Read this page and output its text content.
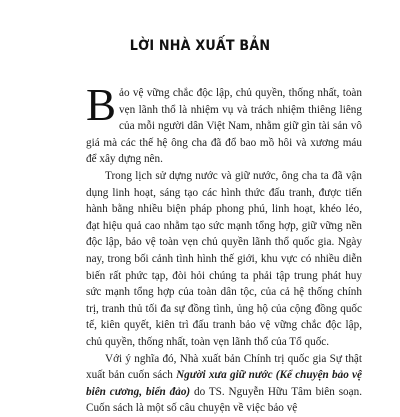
LỜI NHÀ XUẤT BẢN

Bảo vệ vững chắc độc lập, chủ quyền, thống nhất, toàn vẹn lãnh thổ là nhiệm vụ và trách nhiệm thiêng liêng của mỗi người dân Việt Nam, nhằm giữ gìn tài sản vô giá mà các thế hệ ông cha đã đổ bao mồ hôi và xương máu để xây dựng nên.

Trong lịch sử dựng nước và giữ nước, ông cha ta đã vận dụng linh hoạt, sáng tạo các hình thức đấu tranh, được tiến hành bằng nhiều biện pháp phong phú, linh hoạt, khéo léo, đạt hiệu quả cao nhằm tạo sức mạnh tổng hợp, giữ vững nền độc lập, bảo vệ toàn vẹn chủ quyền lãnh thổ quốc gia. Ngày nay, trong bối cảnh tình hình thế giới, khu vực có nhiều diễn biến rất phức tạp, đòi hỏi chúng ta phải tập trung phát huy sức mạnh tổng hợp của toàn dân tộc, của cả hệ thống chính trị, tranh thủ tối đa sự đồng tình, ủng hộ của cộng đồng quốc tế, kiên quyết, kiên trì đấu tranh bảo vệ vững chắc độc lập, chủ quyền, thống nhất, toàn vẹn lãnh thổ của Tổ quốc.

Với ý nghĩa đó, Nhà xuất bản Chính trị quốc gia Sự thật xuất bản cuốn sách Người xưa giữ nước (Kể chuyện bảo vệ biên cương, biển đảo) do TS. Nguyễn Hữu Tâm biên soạn. Cuốn sách là một số câu chuyện về việc bảo vệ
